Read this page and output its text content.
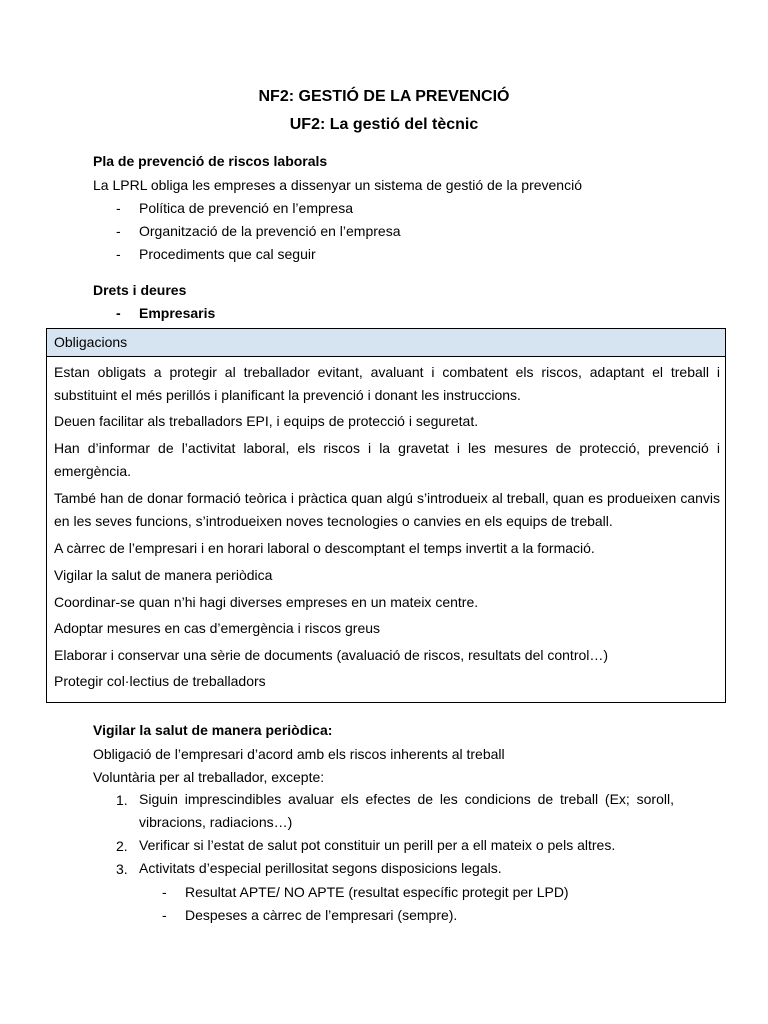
NF2: GESTIÓ DE LA PREVENCIÓ
UF2: La gestió del tècnic
Pla de prevenció de riscos laborals
La LPRL obliga les empreses a dissenyar un sistema de gestió de la prevenció
- Política de prevenció en l’empresa
- Organització de la prevenció en l’empresa
- Procediments que cal seguir
Drets i deures
- Empresaris
Obligacions
Estan obligats a protegir al treballador evitant, avaluant i combatent els riscos, adaptant el treball i substituint el més perillós i planificant la prevenció i donant les instruccions.
Deuen facilitar als treballadors EPI, i equips de protecció i seguretat.
Han d’informar de l’activitat laboral, els riscos i la gravetat i les mesures de protecció, prevenció i emergència.
També han de donar formació teòrica i pràctica quan algú s’introdueix al treball, quan es produeixen canvis en les seves funcions, s’introdueixen noves tecnologies o canvies en els equips de treball.
A càrrec de l’empresari i en horari laboral o descomptant el temps invertit a la formació.
Vigilar la salut de manera periòdica
Coordinar-se quan n’hi hagi diverses empreses en un mateix centre.
Adoptar mesures en cas d’emergència i riscos greus
Elaborar i conservar una sèrie de documents (avaluació de riscos, resultats del control…)
Protegir col·lectius de treballadors
Vigilar la salut de manera periòdica:
Obligació de l’empresari d’acord amb els riscos inherents al treball
Voluntària per al treballador, excepte:
1. Siguin imprescindibles avaluar els efectes de les condicions de treball (Ex; soroll, vibracions, radiacions…)
2. Verificar si l’estat de salut pot constituir un perill per a ell mateix o pels altres.
3. Activitats d’especial perillositat segons disposicions legals.
- Resultat APTE/ NO APTE (resultat específic protegit per LPD)
- Despeses a càrrec de l’empresari (sempre).
